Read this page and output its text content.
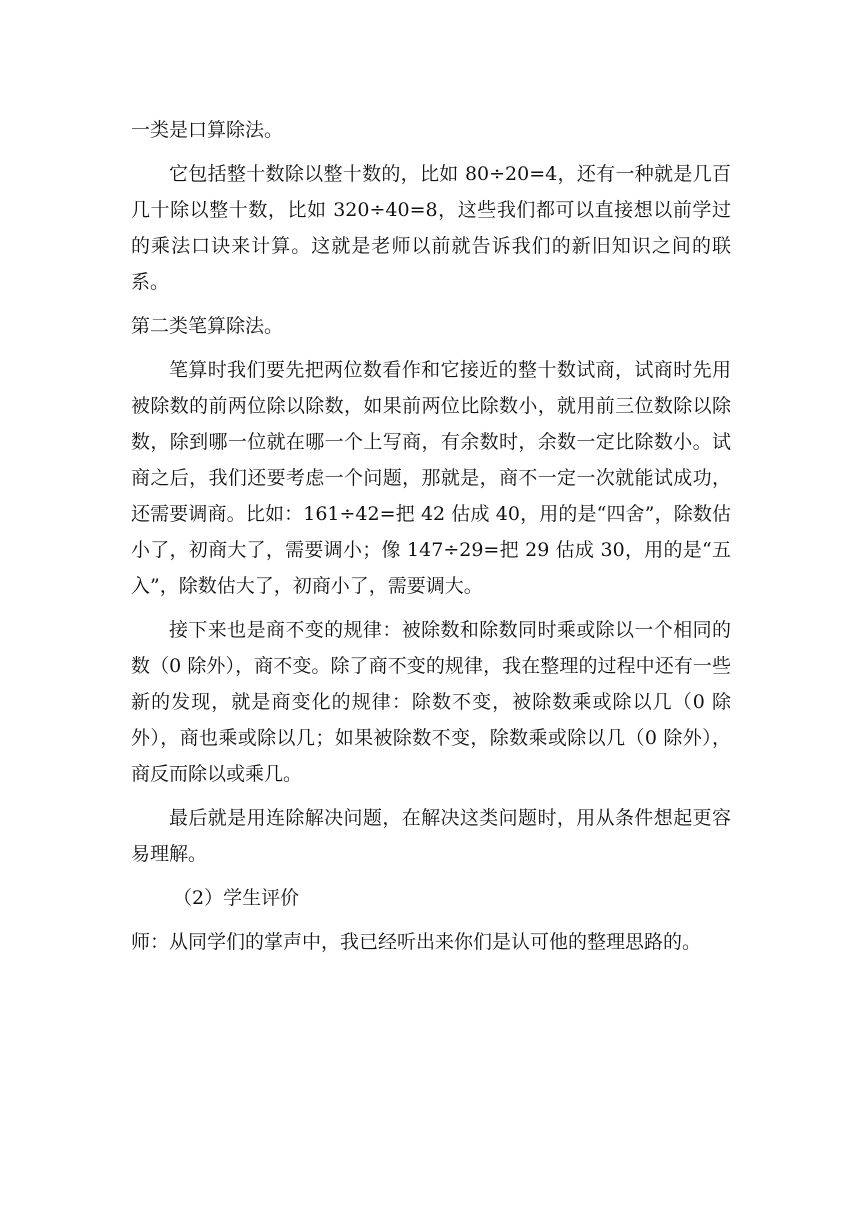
一类是口算除法。

它包括整十数除以整十数的，比如 80÷20=4，还有一种就是几百几十除以整十数，比如 320÷40=8，这些我们都可以直接想以前学过的乘法口诀来计算。这就是老师以前就告诉我们的新旧知识之间的联系。

第二类笔算除法。

笔算时我们要先把两位数看作和它接近的整十数试商，试商时先用被除数的前两位除以除数，如果前两位比除数小，就用前三位数除以除数，除到哪一位就在哪一个上写商，有余数时，余数一定比除数小。试商之后，我们还要考虑一个问题，那就是，商不一定一次就能试成功，还需要调商。比如：161÷42=把 42 估成 40，用的是“四舍”，除数估小了，初商大了，需要调小；像 147÷29=把 29 估成 30，用的是“五入”，除数估大了，初商小了，需要调大。

接下来也是商不变的规律：被除数和除数同时乘或除以一个相同的数（0 除外），商不变。除了商不变的规律，我在整理的过程中还有一些新的发现，就是商变化的规律：除数不变，被除数乘或除以几（0 除外），商也乘或除以几；如果被除数不变，除数乘或除以几（0 除外），商反而除以或乘几。

最后就是用连除解决问题，在解决这类问题时，用从条件想起更容易理解。

（2）学生评价

师：从同学们的掌声中，我已经听出来你们是认可他的整理思路的。
